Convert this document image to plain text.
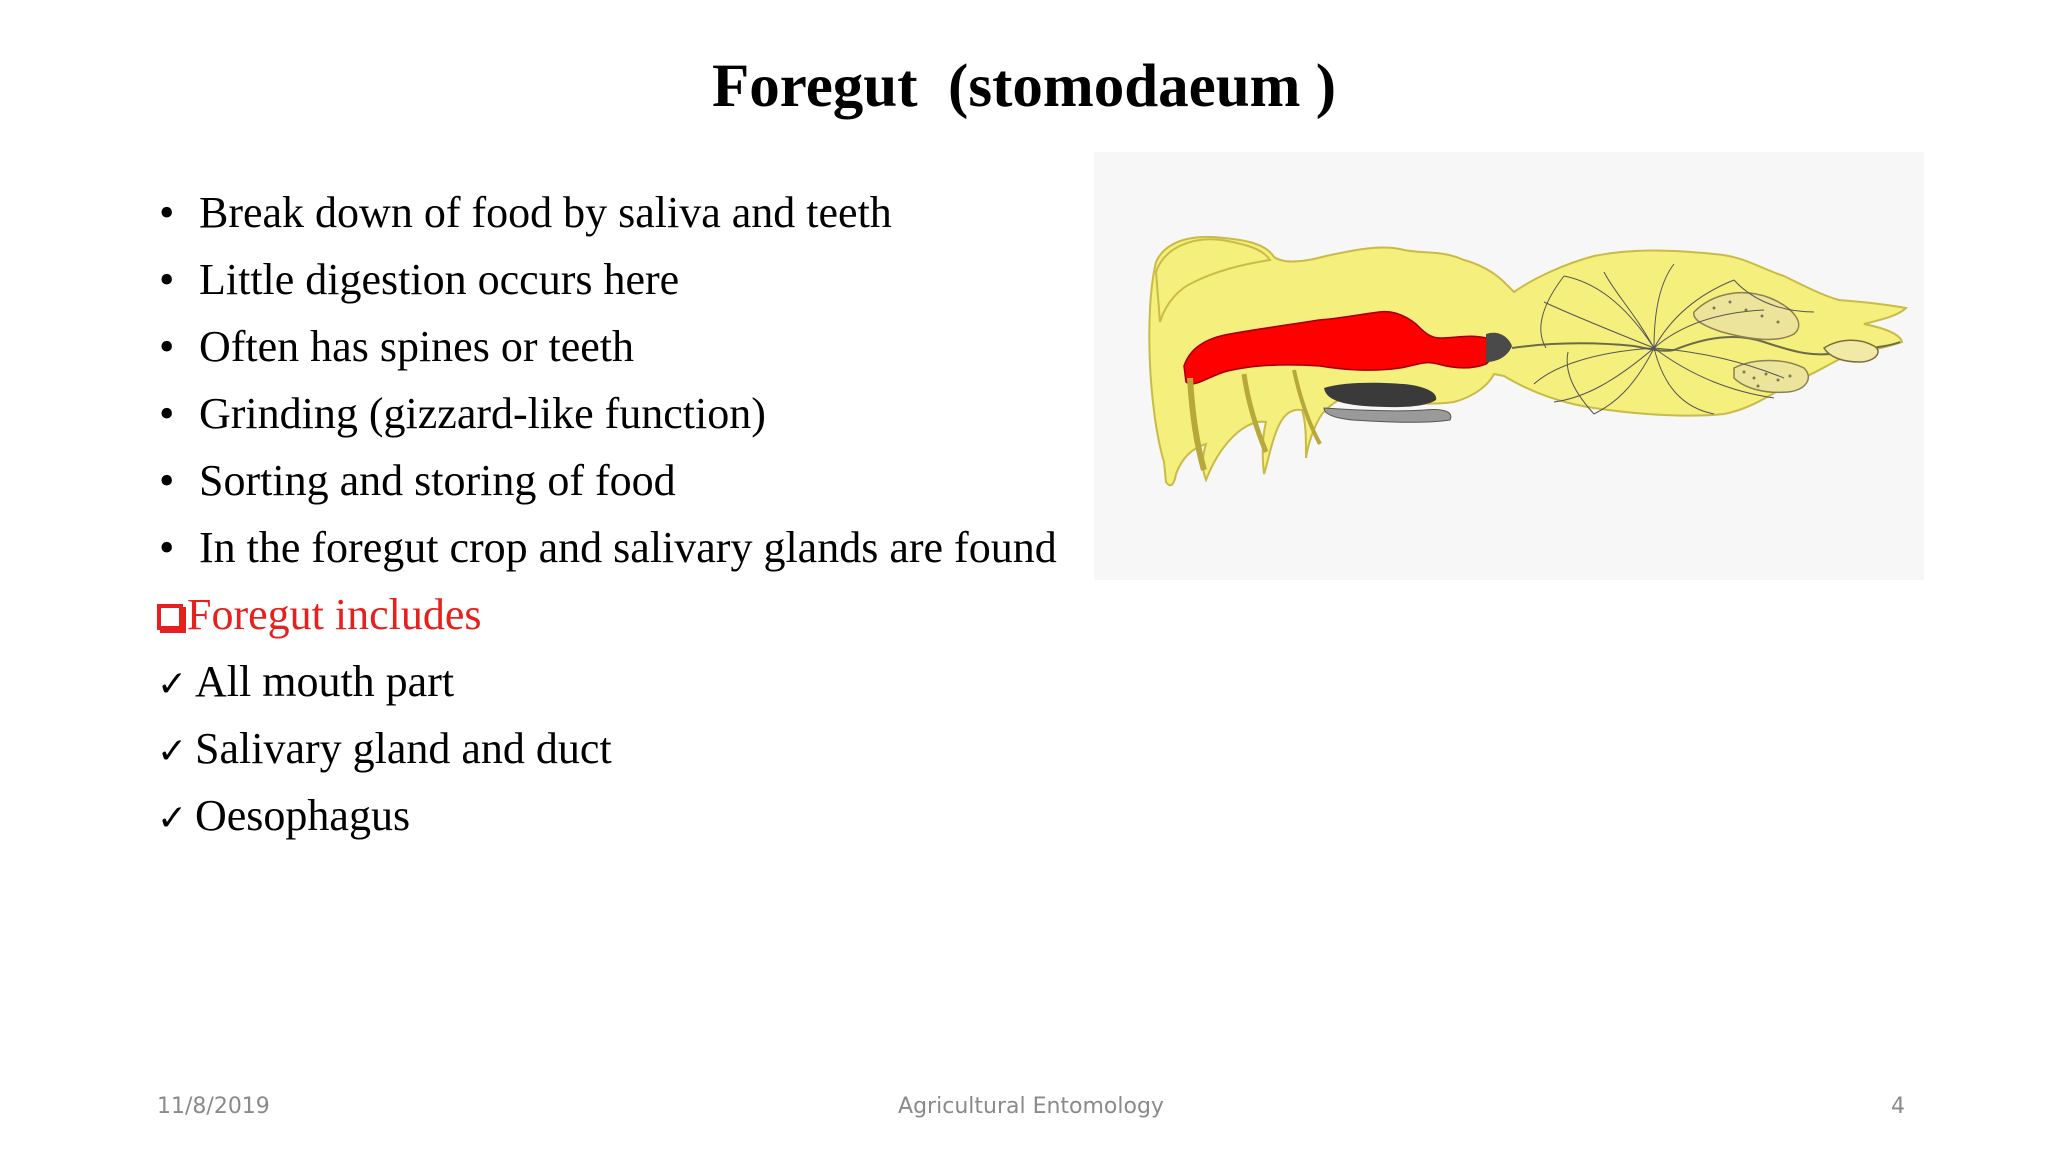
Foregut  (stomodaeum )
• Break down of food by saliva and teeth
• Little digestion occurs here
• Often has spines or teeth
• Grinding (gizzard-like function)
• Sorting and storing of food
• In the foregut crop and salivary glands are found
Foregut includes
✓ All mouth part
✓ Salivary gland and duct
✓ Oesophagus
11/8/2019	Agricultural Entomology	4
